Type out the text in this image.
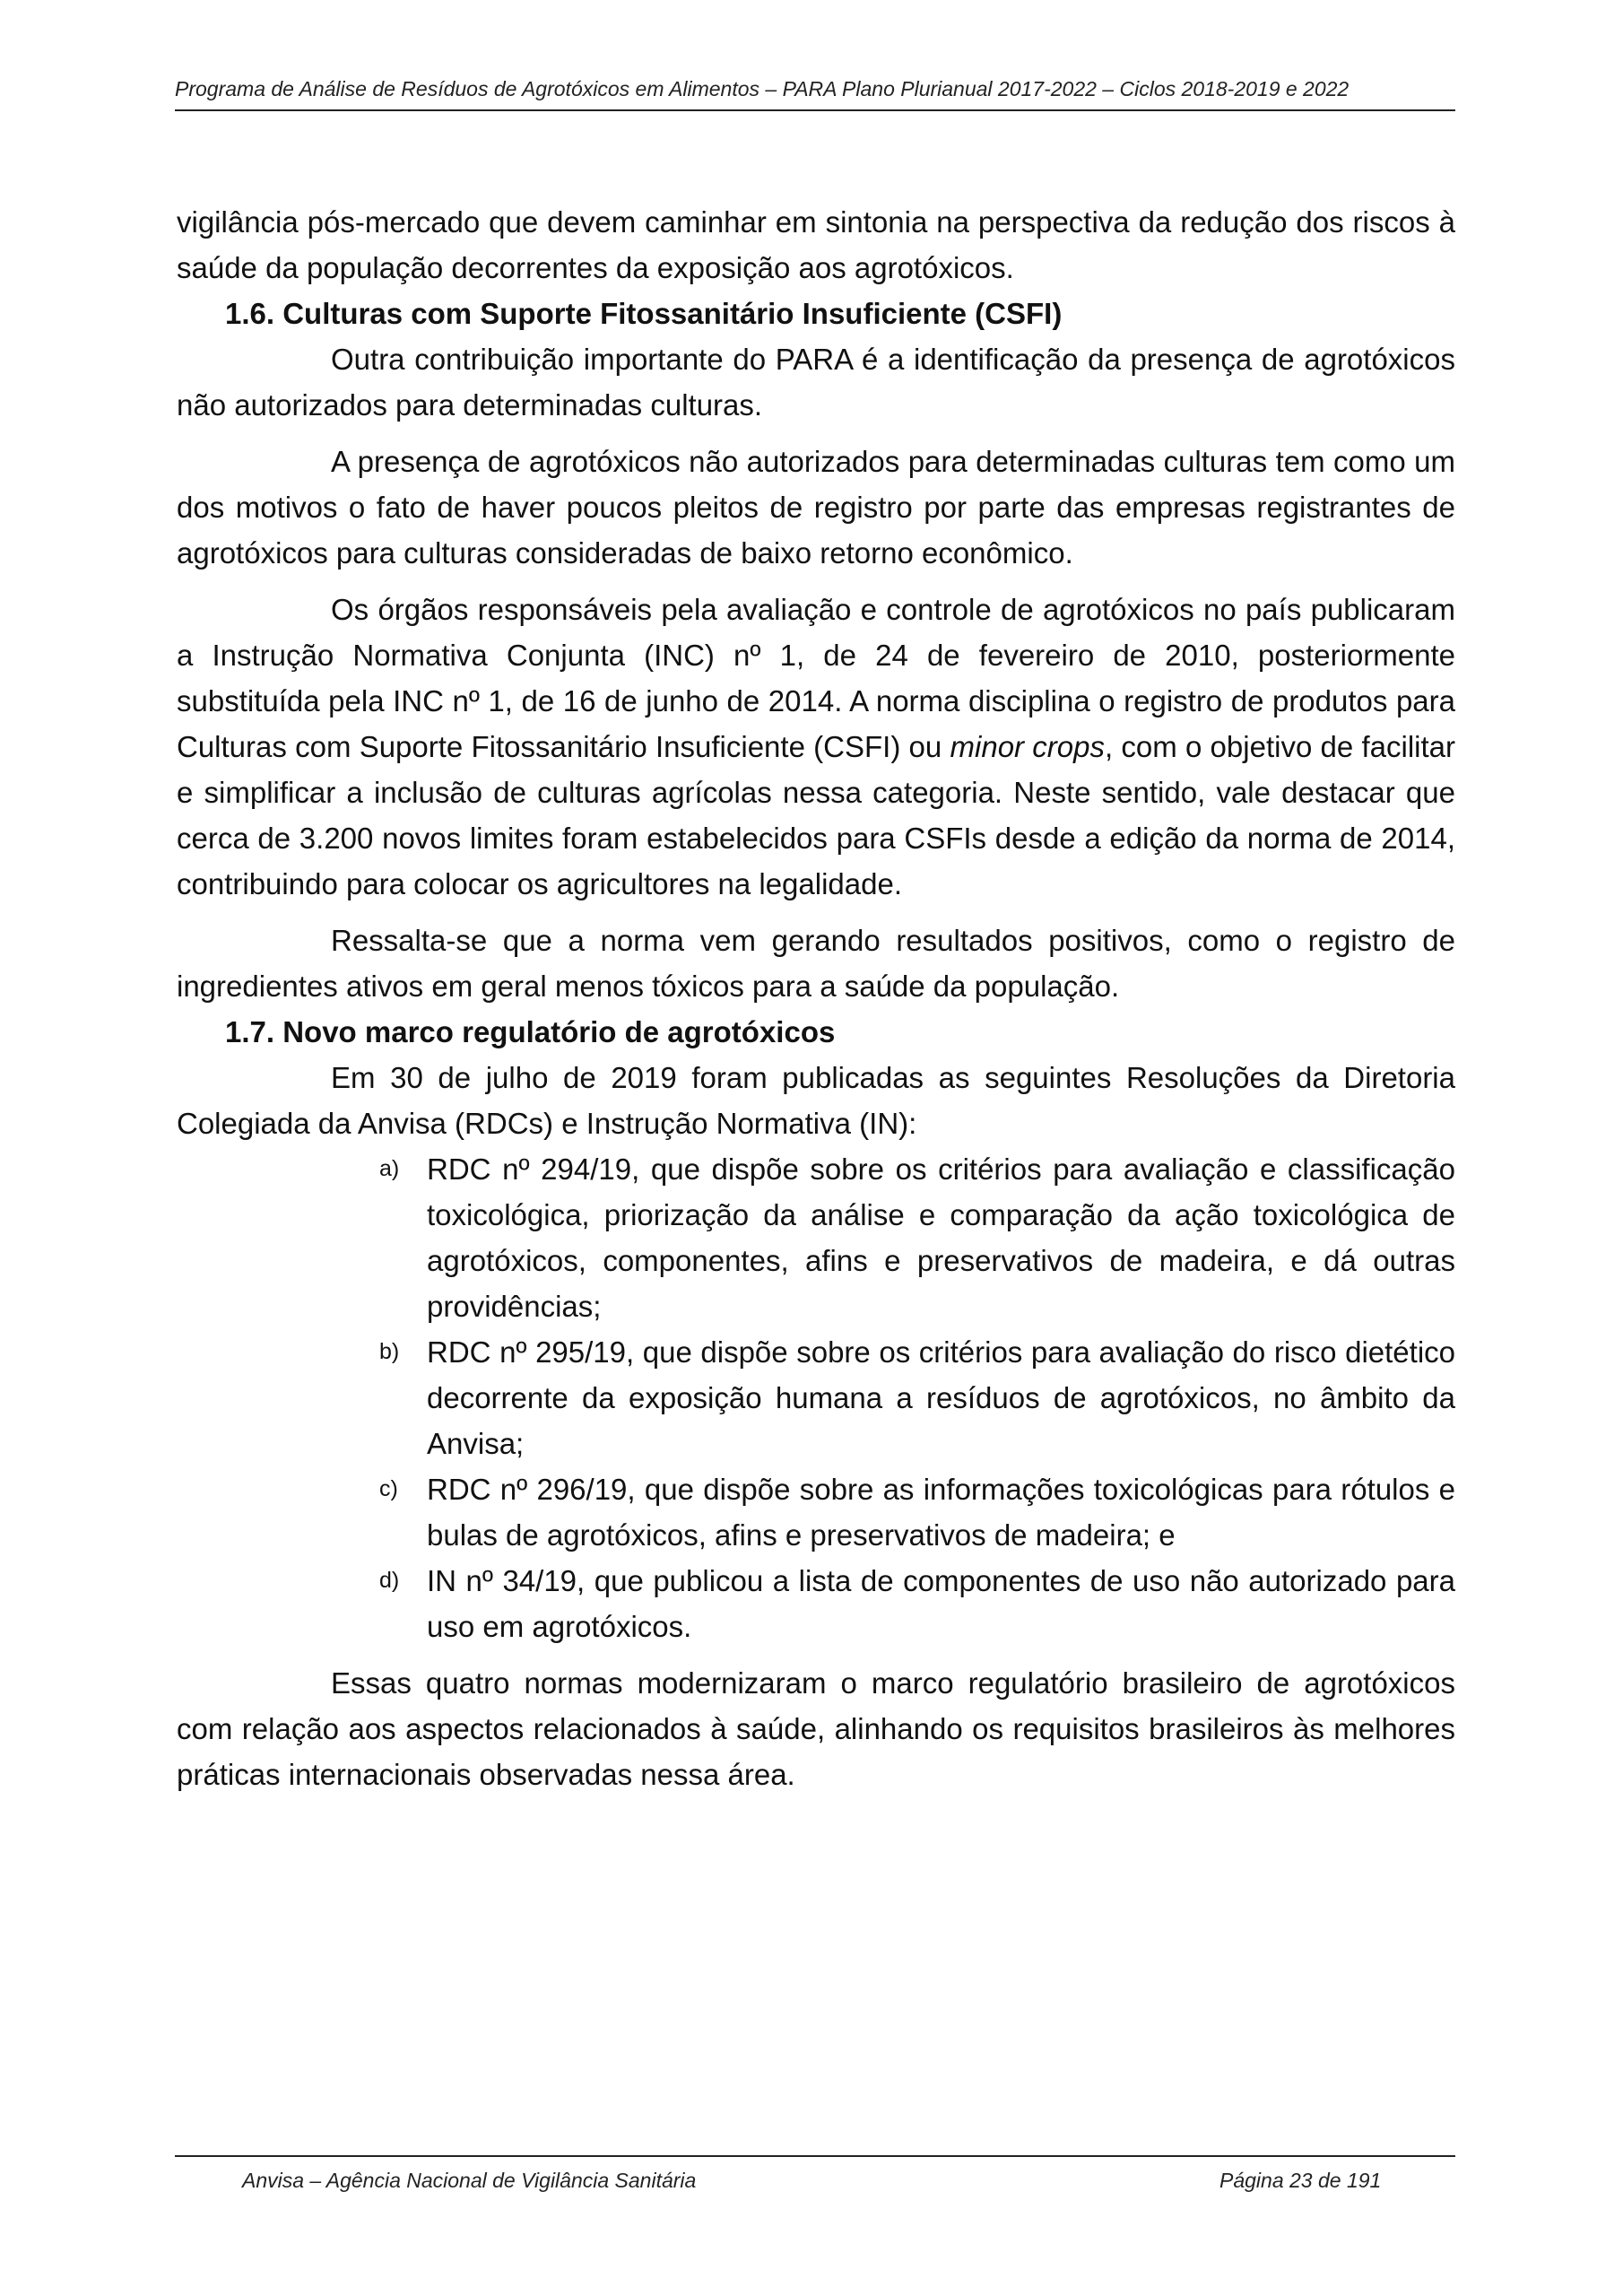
Programa de Análise de Resíduos de Agrotóxicos em Alimentos – PARA Plano Plurianual 2017-2022 – Ciclos 2018-2019 e 2022

vigilância pós-mercado que devem caminhar em sintonia na perspectiva da redução dos riscos à saúde da população decorrentes da exposição aos agrotóxicos.

1.6. Culturas com Suporte Fitossanitário Insuficiente (CSFI)

Outra contribuição importante do PARA é a identificação da presença de agrotóxicos não autorizados para determinadas culturas.

A presença de agrotóxicos não autorizados para determinadas culturas tem como um dos motivos o fato de haver poucos pleitos de registro por parte das empresas registrantes de agrotóxicos para culturas consideradas de baixo retorno econômico.

Os órgãos responsáveis pela avaliação e controle de agrotóxicos no país publicaram a Instrução Normativa Conjunta (INC) nº 1, de 24 de fevereiro de 2010, posteriormente substituída pela INC nº 1, de 16 de junho de 2014. A norma disciplina o registro de produtos para Culturas com Suporte Fitossanitário Insuficiente (CSFI) ou minor crops, com o objetivo de facilitar e simplificar a inclusão de culturas agrícolas nessa categoria. Neste sentido, vale destacar que cerca de 3.200 novos limites foram estabelecidos para CSFIs desde a edição da norma de 2014, contribuindo para colocar os agricultores na legalidade.

Ressalta-se que a norma vem gerando resultados positivos, como o registro de ingredientes ativos em geral menos tóxicos para a saúde da população.

1.7. Novo marco regulatório de agrotóxicos

Em 30 de julho de 2019 foram publicadas as seguintes Resoluções da Diretoria Colegiada da Anvisa (RDCs) e Instrução Normativa (IN):

a) RDC nº 294/19, que dispõe sobre os critérios para avaliação e classificação toxicológica, priorização da análise e comparação da ação toxicológica de agrotóxicos, componentes, afins e preservativos de madeira, e dá outras providências;
b) RDC nº 295/19, que dispõe sobre os critérios para avaliação do risco dietético decorrente da exposição humana a resíduos de agrotóxicos, no âmbito da Anvisa;
c) RDC nº 296/19, que dispõe sobre as informações toxicológicas para rótulos e bulas de agrotóxicos, afins e preservativos de madeira; e
d) IN nº 34/19, que publicou a lista de componentes de uso não autorizado para uso em agrotóxicos.

Essas quatro normas modernizaram o marco regulatório brasileiro de agrotóxicos com relação aos aspectos relacionados à saúde, alinhando os requisitos brasileiros às melhores práticas internacionais observadas nessa área.

Anvisa – Agência Nacional de Vigilância Sanitária	Página 23 de 191
